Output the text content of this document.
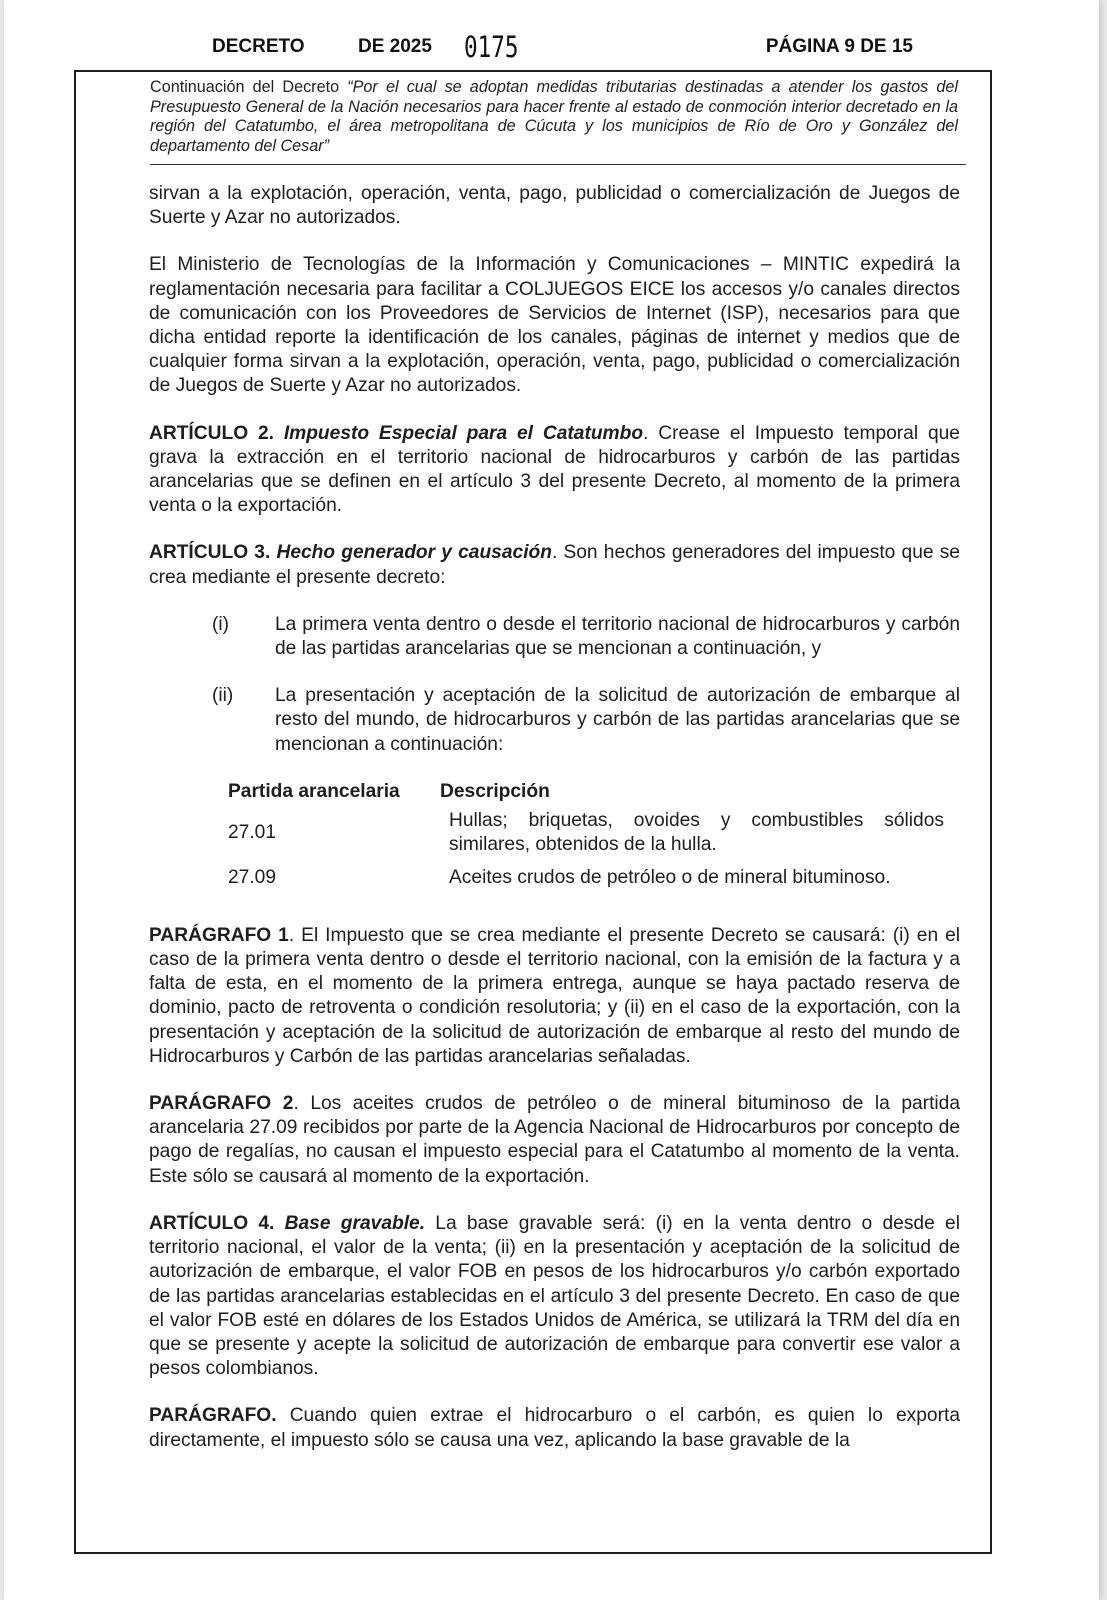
DECRETO	DE 2025 0175	PÁGINA 9 DE 15
Continuación del Decreto “Por el cual se adoptan medidas tributarias destinadas a atender los gastos del Presupuesto General de la Nación necesarios para hacer frente al estado de conmoción interior decretado en la región del Catatumbo, el área metropolitana de Cúcuta y los municipios de Río de Oro y González del departamento del Cesar”

sirvan a la explotación, operación, venta, pago, publicidad o comercialización de Juegos de Suerte y Azar no autorizados.

El Ministerio de Tecnologías de la Información y Comunicaciones – MINTIC expedirá la reglamentación necesaria para facilitar a COLJUEGOS EICE los accesos y/o canales directos de comunicación con los Proveedores de Servicios de Internet (ISP), necesarios para que dicha entidad reporte la identificación de los canales, páginas de internet y medios que de cualquier forma sirvan a la explotación, operación, venta, pago, publicidad o comercialización de Juegos de Suerte y Azar no autorizados.

ARTÍCULO 2. Impuesto Especial para el Catatumbo. Crease el Impuesto temporal que grava la extracción en el territorio nacional de hidrocarburos y carbón de las partidas arancelarias que se definen en el artículo 3 del presente Decreto, al momento de la primera venta o la exportación.

ARTÍCULO 3. Hecho generador y causación. Son hechos generadores del impuesto que se crea mediante el presente decreto:

(i) La primera venta dentro o desde el territorio nacional de hidrocarburos y carbón de las partidas arancelarias que se mencionan a continuación, y
(ii) La presentación y aceptación de la solicitud de autorización de embarque al resto del mundo, de hidrocarburos y carbón de las partidas arancelarias que se mencionan a continuación:
Partida arancelaria	Descripción
27.01	Hullas; briquetas, ovoides y combustibles sólidos similares, obtenidos de la hulla.
27.09	Aceites crudos de petróleo o de mineral bituminoso.

PARÁGRAFO 1. El Impuesto que se crea mediante el presente Decreto se causará: (i) en el caso de la primera venta dentro o desde el territorio nacional, con la emisión de la factura y a falta de esta, en el momento de la primera entrega, aunque se haya pactado reserva de dominio, pacto de retroventa o condición resolutoria; y (ii) en el caso de la exportación, con la presentación y aceptación de la solicitud de autorización de embarque al resto del mundo de Hidrocarburos y Carbón de las partidas arancelarias señaladas.

PARÁGRAFO 2. Los aceites crudos de petróleo o de mineral bituminoso de la partida arancelaria 27.09 recibidos por parte de la Agencia Nacional de Hidrocarburos por concepto de pago de regalías, no causan el impuesto especial para el Catatumbo al momento de la venta. Este sólo se causará al momento de la exportación.

ARTÍCULO 4. Base gravable. La base gravable será: (i) en la venta dentro o desde el territorio nacional, el valor de la venta; (ii) en la presentación y aceptación de la solicitud de autorización de embarque, el valor FOB en pesos de los hidrocarburos y/o carbón exportado de las partidas arancelarias establecidas en el artículo 3 del presente Decreto. En caso de que el valor FOB esté en dólares de los Estados Unidos de América, se utilizará la TRM del día en que se presente y acepte la solicitud de autorización de embarque para convertir ese valor a pesos colombianos.

PARÁGRAFO. Cuando quien extrae el hidrocarburo o el carbón, es quien lo exporta directamente, el impuesto sólo se causa una vez, aplicando la base gravable de la
